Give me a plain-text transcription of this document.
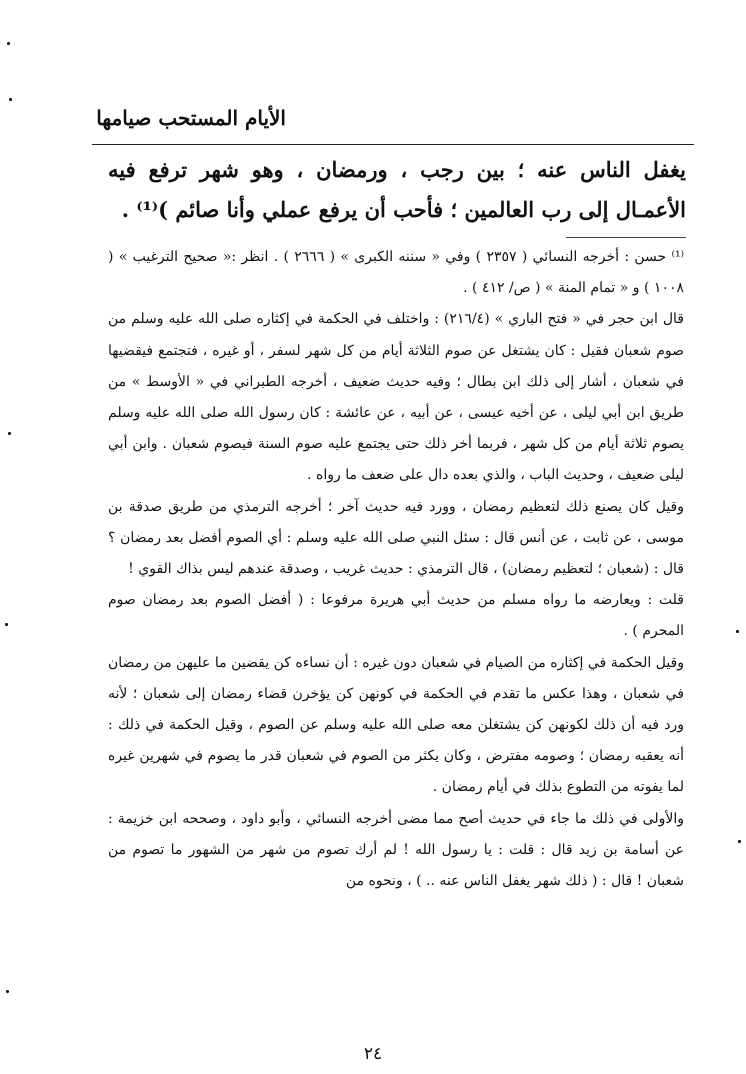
الأيام المستحب صيامها
يغفل الناس عنه ؛ بين رجب ، ورمضان ، وهو شهر ترفع فيه الأعمـال إلى رب العالمين ؛ فأحب أن يرفع عملي وأنا صائم )⁽¹⁾ .

⁽¹⁾ حسن : أخرجه النسائي ( ٢٣٥٧ ) وفي « سننه الكبرى » ( ٢٦٦٦ ) . انظر :« صحيح الترغيب » ( ١٠٠٨ ) و « تمام المنة » ( ص/ ٤١٢ ) .

قال ابن حجر في « فتح الباري » (٢١٦/٤) : واختلف في الحكمة في إكثاره صلى الله عليه وسلم من صوم شعبان فقيل : كان يشتغل عن صوم الثلاثة أيام من كل شهر لسفر ، أو غيره ، فتجتمع فيقضيها في شعبان ، أشار إلى ذلك ابن بطال ؛ وفيه حديث ضعيف ، أخرجه الطبراني في « الأوسط » من طريق ابن أبي ليلى ، عن أخيه عيسى ، عن أبيه ، عن عائشة : كان رسول الله صلى الله عليه وسلم يصوم ثلاثة أيام من كل شهر ، فربما أخر ذلك حتى يجتمع عليه صوم السنة فيصوم شعبان . وابن أبي ليلى ضعيف ، وحديث الباب ، والذي بعده دال على ضعف ما رواه .

وقيل كان يصنع ذلك لتعظيم رمضان ، وورد فيه حديث آخر ؛ أخرجه الترمذي من طريق صدقة بن موسى ، عن ثابت ، عن أنس قال : سئل النبي صلى الله عليه وسلم : أي الصوم أفضل بعد رمضان ؟ قال : (شعبان ؛ لتعظيم رمضان) ، قال الترمذي : حديث غريب ، وصدقة عندهم ليس بذاك القوي !

قلت : ويعارضه ما رواه مسلم من حديث أبي هريرة مرفوعا : ( أفضل الصوم بعد رمضان صوم المحرم ) .

وقيل الحكمة في إكثاره من الصيام في شعبان دون غيره : أن نساءه كن يقضين ما عليهن من رمضان في شعبان ، وهذا عكس ما تقدم في الحكمة في كونهن كن يؤخرن قضاء رمضان إلى شعبان ؛ لأنه ورد فيه أن ذلك لكونهن كن يشتغلن معه صلى الله عليه وسلم عن الصوم ، وقيل الحكمة في ذلك : أنه يعقبه رمضان ؛ وصومه مفترض ، وكان يكثر من الصوم في شعبان قدر ما يصوم في شهرين غيره لما يفوته من التطوع بذلك في أيام رمضان .

والأولى في ذلك ما جاء في حديث أصح مما مضى أخرجه النسائي ، وأبو داود ، وصححه ابن خزيمة : عن أسامة بن زيد قال : قلت : يا رسول الله ! لم أرك تصوم من شهر من الشهور ما تصوم من شعبان ! قال : ( ذلك شهر يغفل الناس عنه .. ) ، ونحوه من

٢٤
